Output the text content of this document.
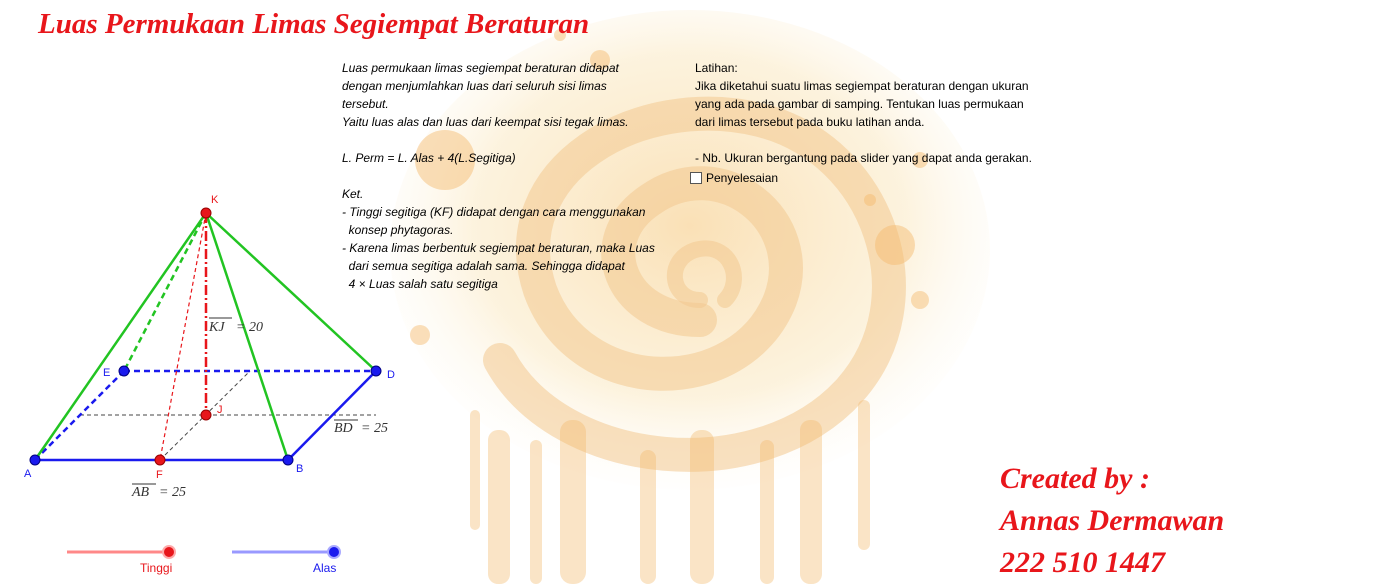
Luas Permukaan Limas Segiempat Beraturan

Luas permukaan limas segiempat beraturan didapat

dengan menjumlahkan luas dari seluruh sisi limas

tersebut.

Yaitu luas alas dan luas dari keempat sisi tegak limas.

L. Perm = L. Alas + 4(L.Segitiga)

Ket.

- Tinggi segitiga (KF) didapat dengan cara menggunakan

konsep phytagoras.

- Karena limas berbentuk segiempat beraturan, maka Luas

dari semua segitiga adalah sama. Sehingga didapat

4 × Luas salah satu segitiga

Latihan:

Jika diketahui suatu limas segiempat beraturan dengan ukuran

yang ada pada gambar di samping. Tentukan luas permukaan

dari limas tersebut pada buku latihan anda.

- Nb. Ukuran bergantung pada slider yang dapat anda gerakan.

Penyelesaian
K
J
F
E	D
A	B
KJ = 20
BD = 25
AB = 25
Tinggi	Alas
Created by :
Annas Dermawan
222 510 1447
